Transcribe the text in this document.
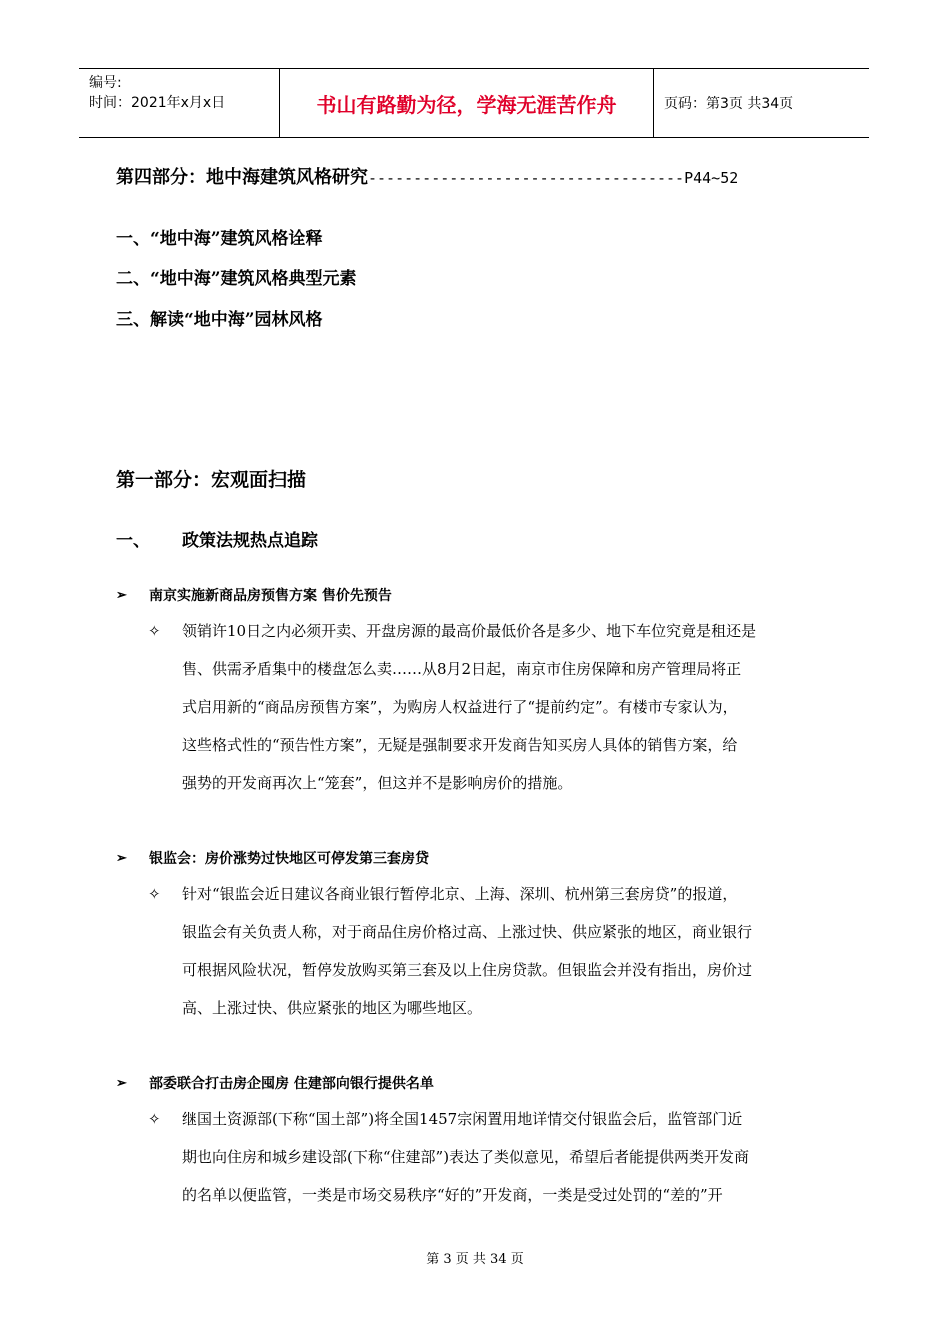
编号:
时间：2021年x月x日	书山有路勤为径，学海无涯苦作舟	页码：第3页 共34页
第四部分：地中海建筑风格研究-----------------------------------P44~52
一、“地中海”建筑风格诠释
二、“地中海”建筑风格典型元素
三、解读“地中海”园林风格
第一部分：宏观面扫描
一、 政策法规热点追踪
➢	南京实施新商品房预售方案 售价先预告
✧	领销许10日之内必须开卖、开盘房源的最高价最低价各是多少、地下车位究竟是租还是
售、供需矛盾集中的楼盘怎么卖……从8月2日起，南京市住房保障和房产管理局将正
式启用新的“商品房预售方案”，为购房人权益进行了“提前约定”。有楼市专家认为，
这些格式性的“预告性方案”，无疑是强制要求开发商告知买房人具体的销售方案，给
强势的开发商再次上“笼套”，但这并不是影响房价的措施。
➢	银监会：房价涨势过快地区可停发第三套房贷
✧	针对“银监会近日建议各商业银行暂停北京、上海、深圳、杭州第三套房贷”的报道，
银监会有关负责人称，对于商品住房价格过高、上涨过快、供应紧张的地区，商业银行
可根据风险状况，暂停发放购买第三套及以上住房贷款。但银监会并没有指出，房价过
高、上涨过快、供应紧张的地区为哪些地区。
➢	部委联合打击房企囤房 住建部向银行提供名单
✧	继国土资源部(下称“国土部”)将全国1457宗闲置用地详情交付银监会后，监管部门近
期也向住房和城乡建设部(下称“住建部”)表达了类似意见，希望后者能提供两类开发商
的名单以便监管，一类是市场交易秩序“好的”开发商，一类是受过处罚的“差的”开
第 3 页 共 34 页
